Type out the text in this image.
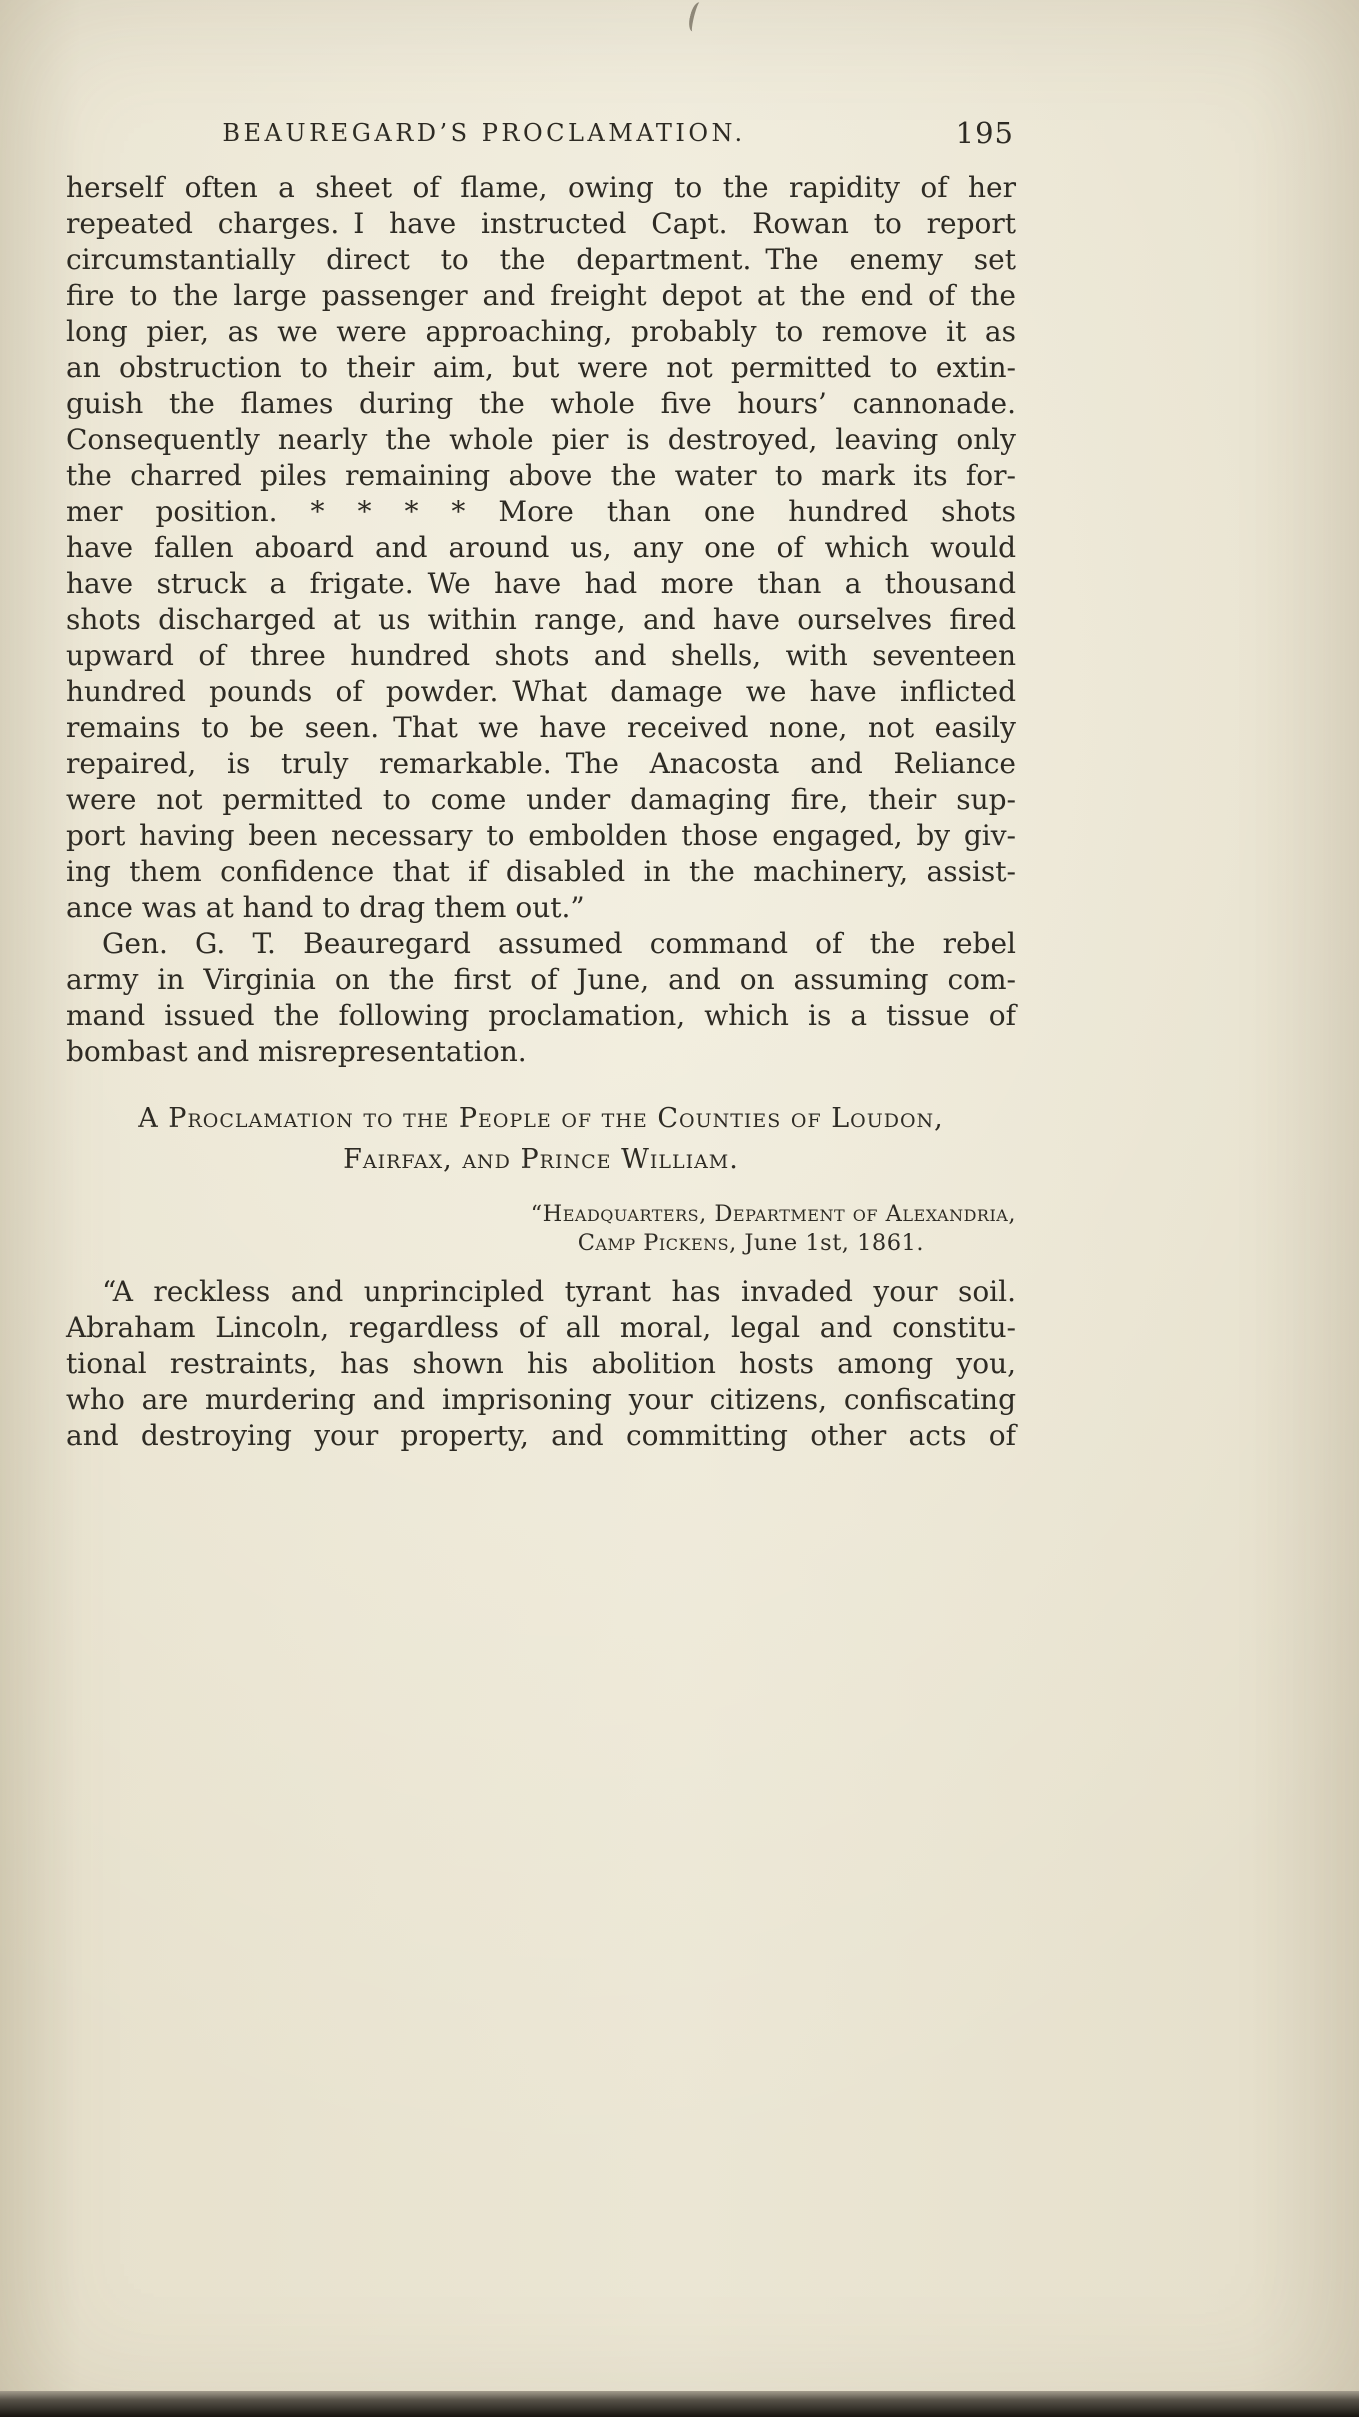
BEAUREGARD’S PROCLAMATION.	195
herself often a sheet of flame, owing to the rapidity of her
repeated charges. I have instructed Capt. Rowan to report
circumstantially direct to the department. The enemy set
fire to the large passenger and freight depot at the end of the
long pier, as we were approaching, probably to remove it as
an obstruction to their aim, but were not permitted to extin-
guish the flames during the whole five hours’ cannonade.
Consequently nearly the whole pier is destroyed, leaving only
the charred piles remaining above the water to mark its for-
mer position. * * * * More than one hundred shots
have fallen aboard and around us, any one of which would
have struck a frigate. We have had more than a thousand
shots discharged at us within range, and have ourselves fired
upward of three hundred shots and shells, with seventeen
hundred pounds of powder. What damage we have inflicted
remains to be seen. That we have received none, not easily
repaired, is truly remarkable. The Anacosta and Reliance
were not permitted to come under damaging fire, their sup-
port having been necessary to embolden those engaged, by giv-
ing them confidence that if disabled in the machinery, assist-
ance was at hand to drag them out.”
Gen. G. T. Beauregard assumed command of the rebel
army in Virginia on the first of June, and on assuming com-
mand issued the following proclamation, which is a tissue of
bombast and misrepresentation.
A Proclamation to the People of the Counties of Loudon,
Fairfax, and Prince William.
“Headquarters, Department of Alexandria,
Camp Pickens, June 1st, 1861.
“A reckless and unprincipled tyrant has invaded your soil.
Abraham Lincoln, regardless of all moral, legal and constitu-
tional restraints, has shown his abolition hosts among you,
who are murdering and imprisoning your citizens, confiscating
and destroying your property, and committing other acts of
